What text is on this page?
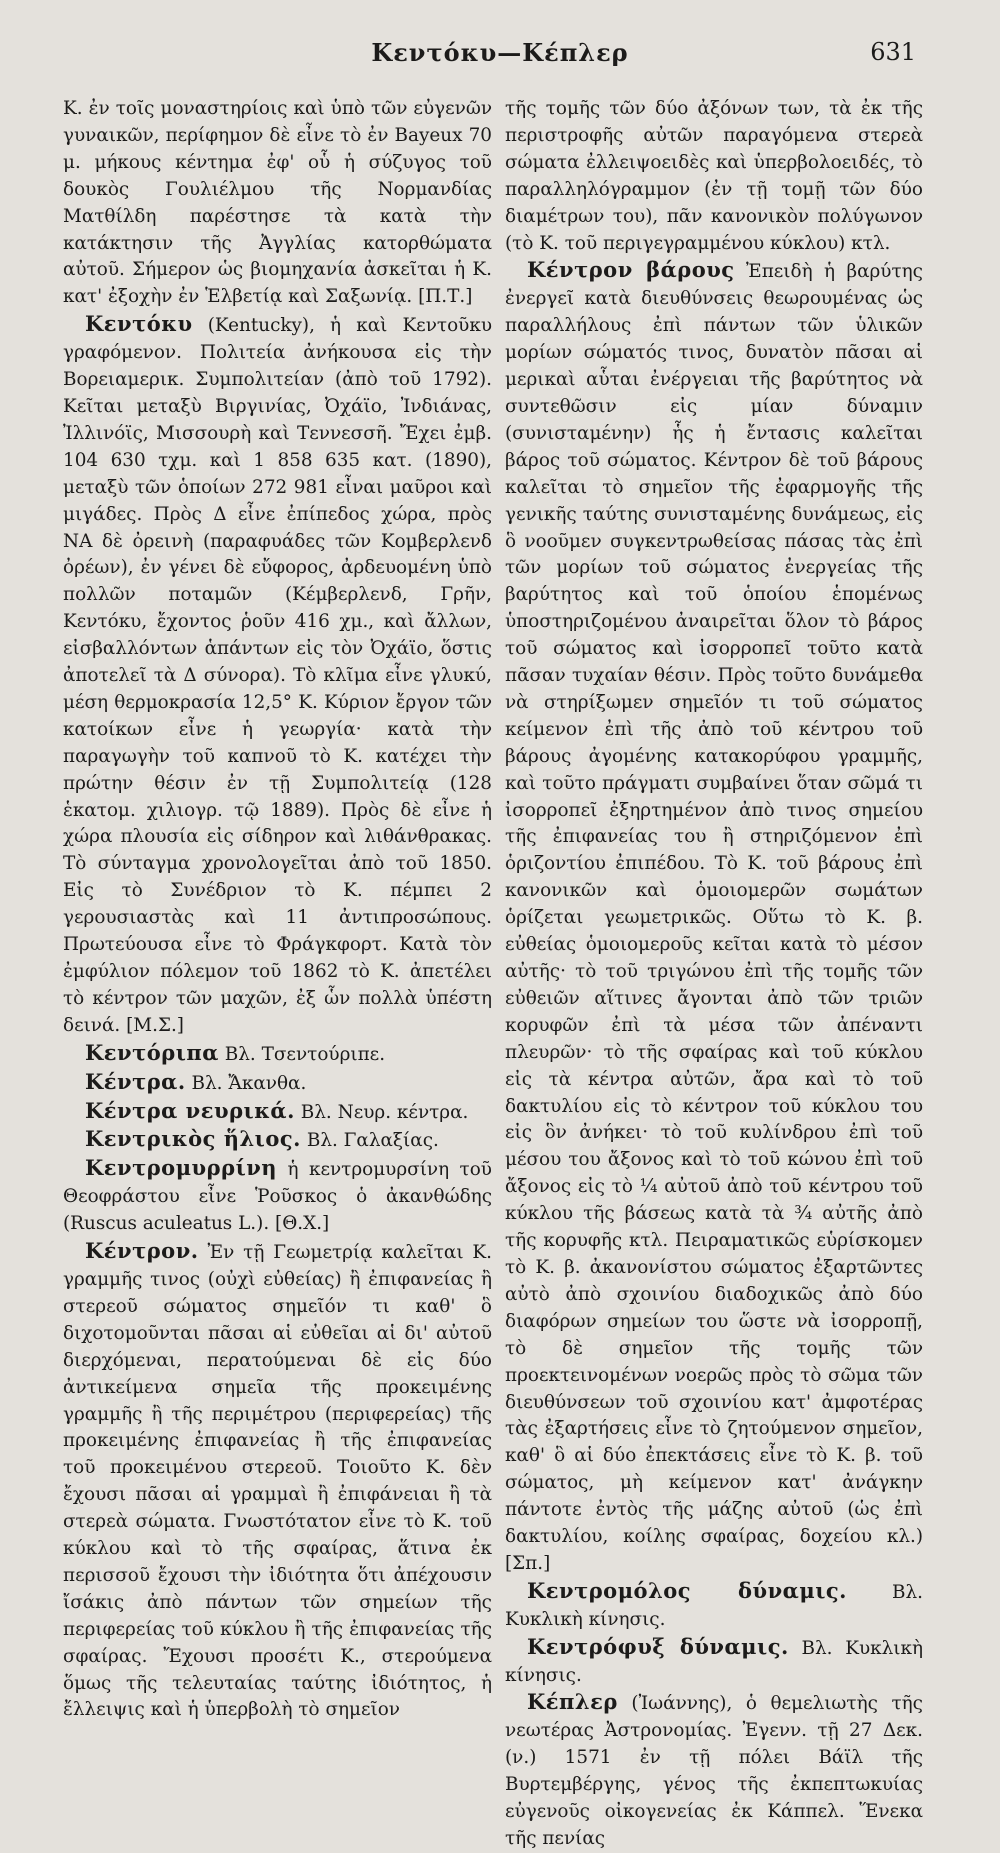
Κεντόκυ—Κέπλερ	631

Κ. ἐν τοῖς μοναστηρίοις καὶ ὑπὸ τῶν εὐγενῶν γυναικῶν, περίφημον δὲ εἶνε τὸ ἐν Bayeux 70 μ. μήκους κέντημα ἐφ' οὗ ἡ σύζυγος τοῦ δουκὸς Γουλιέλμου τῆς Νορμανδίας Ματθίλδη παρέστησε τὰ κατὰ τὴν κατάκτησιν τῆς Ἀγγλίας κατορθώματα αὐτοῦ. Σήμερον ὡς βιομηχανία ἀσκεῖται ἡ Κ. κατ' ἐξοχὴν ἐν Ἑλβετίᾳ καὶ Σαξωνίᾳ. [Π.Τ.]

Κεντόκυ (Kentucky), ἡ καὶ Κεντοῦκυ γραφόμενον. Πολιτεία ἀνήκουσα εἰς τὴν Βορειαμερικ. Συμπολιτείαν (ἀπὸ τοῦ 1792). Κεῖται μεταξὺ Βιργινίας, Ὀχάϊο, Ἰνδιάνας, Ἰλλινόϊς, Μισσουρὴ καὶ Τεννεσσῆ. Ἔχει ἐμβ. 104 630 τχμ. καὶ 1 858 635 κατ. (1890), μεταξὺ τῶν ὁποίων 272 981 εἶναι μαῦροι καὶ μιγάδες. Πρὸς Δ εἶνε ἐπίπεδος χώρα, πρὸς ΝΑ δὲ ὀρεινὴ (παραφυάδες τῶν Κομβερλενδ ὀρέων), ἐν γένει δὲ εὔφορος, ἀρδευομένη ὑπὸ πολλῶν ποταμῶν (Κέμβερλενδ, Γρῆν, Κεντόκυ, ἔχοντος ῥοῦν 416 χμ., καὶ ἄλλων, εἰσβαλλόντων ἁπάντων εἰς τὸν Ὀχάϊο, ὅστις ἀποτελεῖ τὰ Δ σύνορα). Τὸ κλῖμα εἶνε γλυκύ, μέση θερμοκρασία 12,5° Κ. Κύριον ἔργον τῶν κατοίκων εἶνε ἡ γεωργία· κατὰ τὴν παραγωγὴν τοῦ καπνοῦ τὸ Κ. κατέχει τὴν πρώτην θέσιν ἐν τῇ Συμπολιτείᾳ (128 ἑκατομ. χιλιογρ. τῷ 1889). Πρὸς δὲ εἶνε ἡ χώρα πλουσία εἰς σίδηρον καὶ λιθάνθρακας. Τὸ σύνταγμα χρονολογεῖται ἀπὸ τοῦ 1850. Εἰς τὸ Συνέδριον τὸ Κ. πέμπει 2 γερουσιαστὰς καὶ 11 ἀντιπροσώπους. Πρωτεύουσα εἶνε τὸ Φράγκφορτ. Κατὰ τὸν ἐμφύλιον πόλεμον τοῦ 1862 τὸ Κ. ἀπετέλει τὸ κέντρον τῶν μαχῶν, ἐξ ὧν πολλὰ ὑπέστη δεινά. [Μ.Σ.]

Κεντόριπα Βλ. Τσεντούριπε.

Κέντρα. Βλ. Ἄκανθα.

Κέντρα νευρικά. Βλ. Νευρ. κέντρα.

Κεντρικὸς ἥλιος. Βλ. Γαλαξίας.

Κεντρομυρρίνη ἡ κεντρομυρσίνη τοῦ Θεοφράστου εἶνε Ῥοῦσκος ὁ ἀκανθώδης (Ruscus aculeatus L.). [Θ.Χ.]

Κέντρον. Ἐν τῇ Γεωμετρίᾳ καλεῖται Κ. γραμμῆς τινος (οὐχὶ εὐθείας) ἢ ἐπιφανείας ἢ στερεοῦ σώματος σημεῖόν τι καθ' ὃ διχοτομοῦνται πᾶσαι αἱ εὐθεῖαι αἱ δι' αὐτοῦ διερχόμεναι, περατούμεναι δὲ εἰς δύο ἀντικείμενα σημεῖα τῆς προκειμένης γραμμῆς ἢ τῆς περιμέτρου (περιφερείας) τῆς προκειμένης ἐπιφανείας ἢ τῆς ἐπιφανείας τοῦ προκειμένου στερεοῦ. Τοιοῦτο Κ. δὲν ἔχουσι πᾶσαι αἱ γραμμαὶ ἢ ἐπιφάνειαι ἢ τὰ στερεὰ σώματα. Γνωστότατον εἶνε τὸ Κ. τοῦ κύκλου καὶ τὸ τῆς σφαίρας, ἅτινα ἐκ περισσοῦ ἔχουσι τὴν ἰδιότητα ὅτι ἀπέχουσιν ἴσάκις ἀπὸ πάντων τῶν σημείων τῆς περιφερείας τοῦ κύκλου ἢ τῆς ἐπιφανείας τῆς σφαίρας. Ἔχουσι προσέτι Κ., στερούμενα ὅμως τῆς τελευταίας ταύτης ἰδιότητος, ἡ ἔλλειψις καὶ ἡ ὑπερβολὴ τὸ σημεῖον

τῆς τομῆς τῶν δύο ἀξόνων των, τὰ ἐκ τῆς περιστροφῆς αὐτῶν παραγόμενα στερεὰ σώματα ἐλλειψοειδὲς καὶ ὑπερβολοειδές, τὸ παραλληλόγραμμον (ἐν τῇ τομῇ τῶν δύο διαμέτρων του), πᾶν κανονικὸν πολύγωνον (τὸ Κ. τοῦ περιγεγραμμένου κύκλου) κτλ.

Κέντρον βάρους Ἐπειδὴ ἡ βαρύτης ἐνεργεῖ κατὰ διευθύνσεις θεωρουμένας ὡς παραλλήλους ἐπὶ πάντων τῶν ὑλικῶν μορίων σώματός τινος, δυνατὸν πᾶσαι αἱ μερικαὶ αὗται ἐνέργειαι τῆς βαρύτητος νὰ συντεθῶσιν εἰς μίαν δύναμιν (συνισταμένην) ἧς ἡ ἔντασις καλεῖται βάρος τοῦ σώματος. Κέντρον δὲ τοῦ βάρους καλεῖται τὸ σημεῖον τῆς ἐφαρμογῆς τῆς γενικῆς ταύτης συνισταμένης δυνάμεως, εἰς ὃ νοοῦμεν συγκεντρωθείσας πάσας τὰς ἐπὶ τῶν μορίων τοῦ σώματος ἐνεργείας τῆς βαρύτητος καὶ τοῦ ὁποίου ἑπομένως ὑποστηριζομένου ἀναιρεῖται ὅλον τὸ βάρος τοῦ σώματος καὶ ἰσορροπεῖ τοῦτο κατὰ πᾶσαν τυχαίαν θέσιν. Πρὸς τοῦτο δυνάμεθα νὰ στηρίξωμεν σημεῖόν τι τοῦ σώματος κείμενον ἐπὶ τῆς ἀπὸ τοῦ κέντρου τοῦ βάρους ἀγομένης κατακορύφου γραμμῆς, καὶ τοῦτο πράγματι συμβαίνει ὅταν σῶμά τι ἰσορροπεῖ ἐξηρτημένον ἀπὸ τινος σημείου τῆς ἐπιφανείας του ἢ στηριζόμενον ἐπὶ ὁριζοντίου ἐπιπέδου. Τὸ Κ. τοῦ βάρους ἐπὶ κανονικῶν καὶ ὁμοιομερῶν σωμάτων ὁρίζεται γεωμετρικῶς. Οὕτω τὸ Κ. β. εὐθείας ὁμοιομεροῦς κεῖται κατὰ τὸ μέσον αὐτῆς· τὸ τοῦ τριγώνου ἐπὶ τῆς τομῆς τῶν εὐθειῶν αἵτινες ἄγονται ἀπὸ τῶν τριῶν κορυφῶν ἐπὶ τὰ μέσα τῶν ἀπέναντι πλευρῶν· τὸ τῆς σφαίρας καὶ τοῦ κύκλου εἰς τὰ κέντρα αὐτῶν, ἄρα καὶ τὸ τοῦ δακτυλίου εἰς τὸ κέντρον τοῦ κύκλου του εἰς ὃν ἀνήκει· τὸ τοῦ κυλίνδρου ἐπὶ τοῦ μέσου του ἄξονος καὶ τὸ τοῦ κώνου ἐπὶ τοῦ ἄξονος εἰς τὸ ¼ αὐτοῦ ἀπὸ τοῦ κέντρου τοῦ κύκλου τῆς βάσεως κατὰ τὰ ¾ αὐτῆς ἀπὸ τῆς κορυφῆς κτλ. Πειραματικῶς εὑρίσκομεν τὸ Κ. β. ἀκανονίστου σώματος ἐξαρτῶντες αὐτὸ ἀπὸ σχοινίου διαδοχικῶς ἀπὸ δύο διαφόρων σημείων του ὥστε νὰ ἰσορροπῇ, τὸ δὲ σημεῖον τῆς τομῆς τῶν προεκτεινομένων νοερῶς πρὸς τὸ σῶμα τῶν διευθύνσεων τοῦ σχοινίου κατ' ἀμφοτέρας τὰς ἐξαρτήσεις εἶνε τὸ ζητούμενον σημεῖον, καθ' ὃ αἱ δύο ἐπεκτάσεις εἶνε τὸ Κ. β. τοῦ σώματος, μὴ κείμενον κατ' ἀνάγκην πάντοτε ἐντὸς τῆς μάζης αὐτοῦ (ὡς ἐπὶ δακτυλίου, κοίλης σφαίρας, δοχείου κλ.) [Σπ.]

Κεντρομόλος δύναμις. Βλ. Κυκλικὴ κίνησις.

Κεντρόφυξ δύναμις. Βλ. Κυκλικὴ κίνησις.

Κέπλερ (Ἰωάννης), ὁ θεμελιωτὴς τῆς νεωτέρας Ἀστρονομίας. Ἐγενν. τῇ 27 Δεκ. (ν.) 1571 ἐν τῇ πόλει Βάϊλ τῆς Βυρτεμβέργης, γένος τῆς ἐκπεπτωκυίας εὐγενοῦς οἰκογενείας ἐκ Κάππελ. Ἕνεκα τῆς πενίας
